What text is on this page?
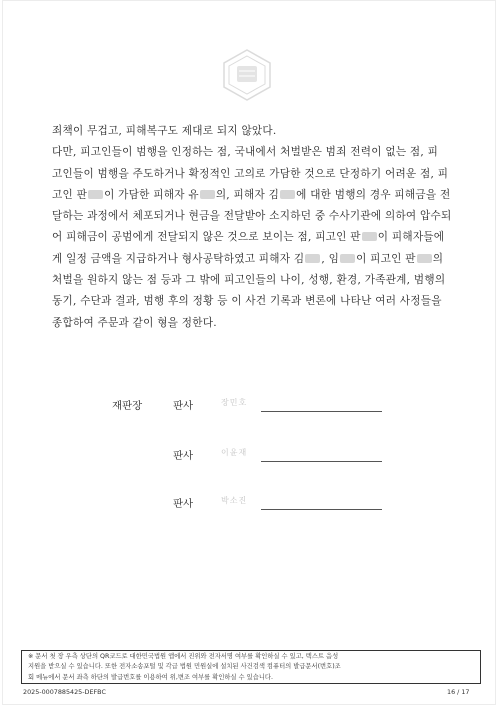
죄책이 무겁고, 피해복구도 제대로 되지 않았다.
다만, 피고인들이 범행을 인정하는 점, 국내에서 처벌받은 범죄 전력이 없는 점, 피
고인들이 범행을 주도하거나 확정적인 고의로 가담한 것으로 단정하기 어려운 점, 피
고인 판 이 가담한 피해자 유 의, 피해자 김 에 대한 범행의 경우 피해금을 전
달하는 과정에서 체포되거나 현금을 전달받아 소지하던 중 수사기관에 의하여 압수되
어 피해금이 공범에게 전달되지 않은 것으로 보이는 점, 피고인 판 이 피해자들에
게 일정 금액을 지급하거나 형사공탁하였고 피해자 김 , 임 이 피고인 판 의
처벌을 원하지 않는 점 등과 그 밖에 피고인들의 나이, 성행, 환경, 가족관계, 범행의
동기, 수단과 결과, 범행 후의 정황 등 이 사건 기록과 변론에 나타난 여러 사정들을
종합하여 주문과 같이 형을 정한다.
재판장	판사	장민호
판사	이윤재
판사	박소진
※ 문서 첫 장 우측 상단의 QR코드로 대한민국법원 앱에서 진위와 전자서명 여부를 확인하실 수 있고, 텍스트 음성
지원을 받으실 수 있습니다. 또한 전자소송포털 및 각급 법원 민원실에 설치된 사건검색 컴퓨터의 발급문서(번호)조
회 메뉴에서 문서 좌측 하단의 발급번호를 이용하여 위,변조 여부를 확인하실 수 있습니다.
2025-0007885425-DEFBC	16 / 17
